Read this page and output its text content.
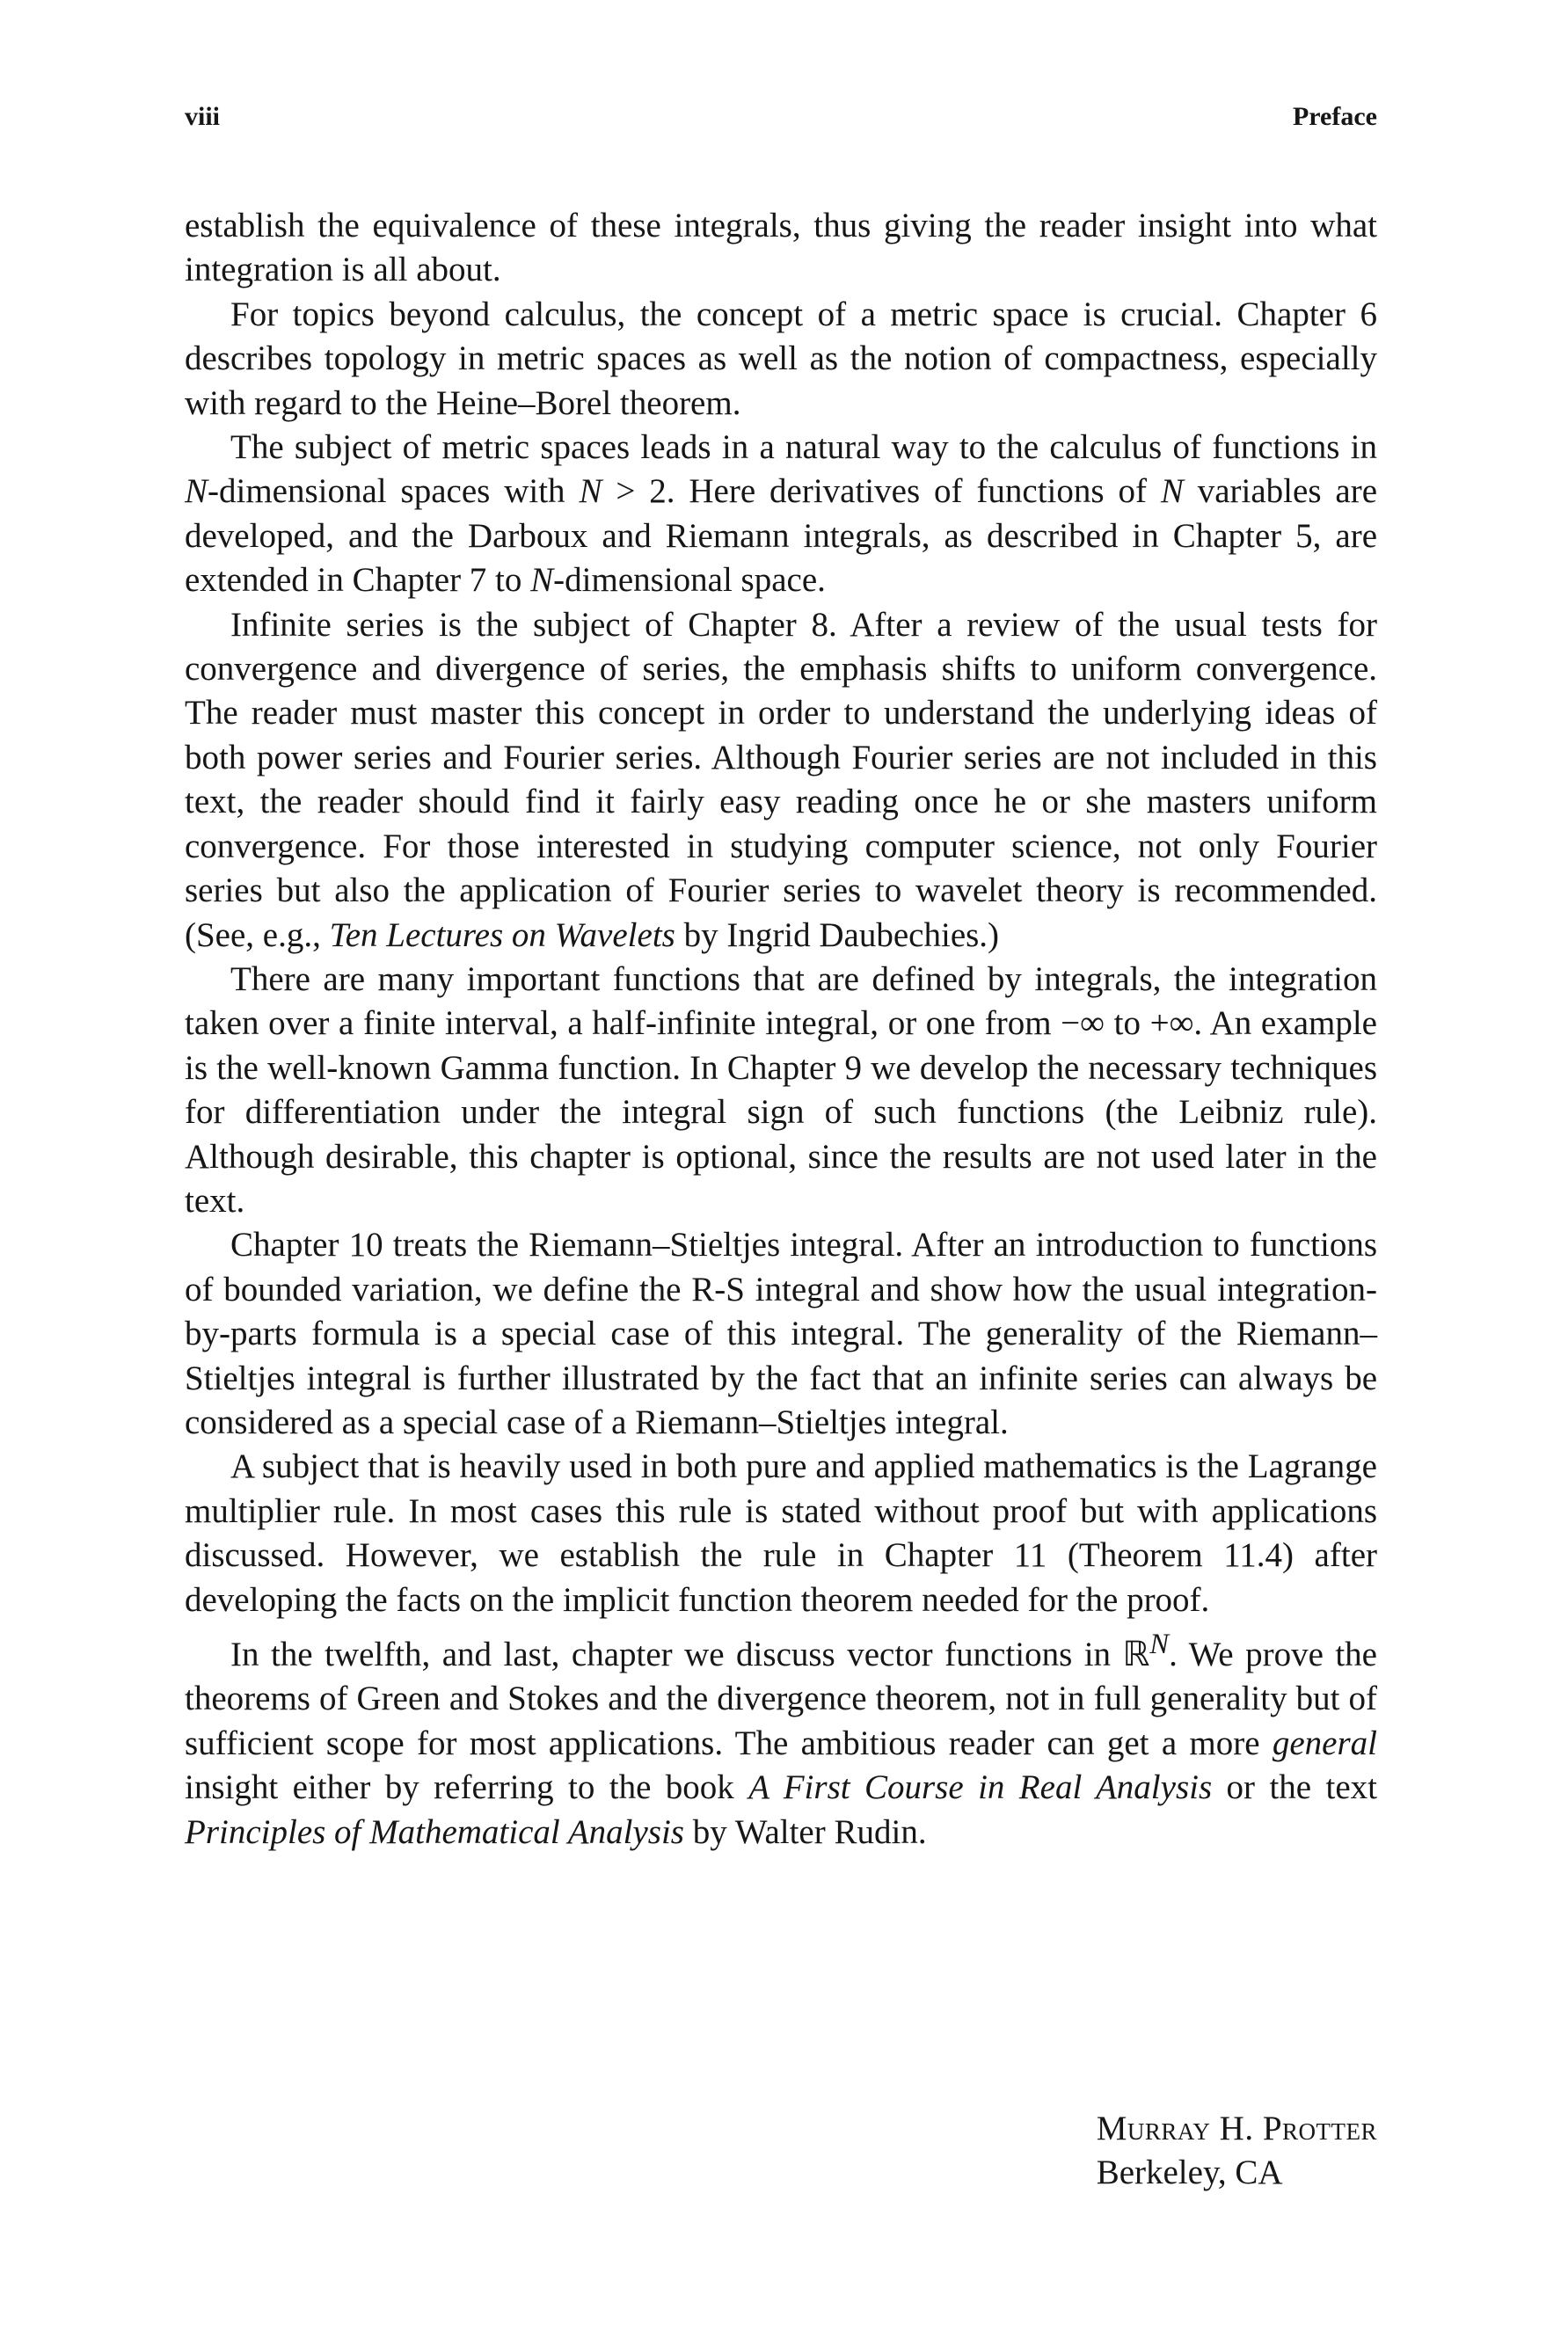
viii	Preface

establish the equivalence of these integrals, thus giving the reader insight into what integration is all about.

For topics beyond calculus, the concept of a metric space is crucial. Chapter 6 describes topology in metric spaces as well as the notion of compactness, especially with regard to the Heine–Borel theorem.

The subject of metric spaces leads in a natural way to the calculus of functions in N-dimensional spaces with N > 2. Here derivatives of functions of N variables are developed, and the Darboux and Riemann integrals, as described in Chapter 5, are extended in Chapter 7 to N-dimensional space.

Infinite series is the subject of Chapter 8. After a review of the usual tests for convergence and divergence of series, the emphasis shifts to uniform convergence. The reader must master this concept in order to understand the underlying ideas of both power series and Fourier series. Although Fourier series are not included in this text, the reader should find it fairly easy reading once he or she masters uniform convergence. For those interested in studying computer science, not only Fourier series but also the application of Fourier series to wavelet theory is recommended. (See, e.g., Ten Lectures on Wavelets by Ingrid Daubechies.)

There are many important functions that are defined by integrals, the integration taken over a finite interval, a half-infinite integral, or one from −∞ to +∞. An example is the well-known Gamma function. In Chapter 9 we develop the necessary techniques for differentiation under the integral sign of such functions (the Leibniz rule). Although desirable, this chapter is optional, since the results are not used later in the text.

Chapter 10 treats the Riemann–Stieltjes integral. After an introduction to functions of bounded variation, we define the R-S integral and show how the usual integration-by-parts formula is a special case of this integral. The generality of the Riemann–Stieltjes integral is further illustrated by the fact that an infinite series can always be considered as a special case of a Riemann–Stieltjes integral.

A subject that is heavily used in both pure and applied mathematics is the Lagrange multiplier rule. In most cases this rule is stated without proof but with applications discussed. However, we establish the rule in Chapter 11 (Theorem 11.4) after developing the facts on the implicit function theorem needed for the proof.

In the twelfth, and last, chapter we discuss vector functions in ℝ$^N$. We prove the theorems of Green and Stokes and the divergence theorem, not in full generality but of sufficient scope for most applications. The ambitious reader can get a more general insight either by referring to the book A First Course in Real Analysis or the text Principles of Mathematical Analysis by Walter Rudin.

Murray H. Protter
Berkeley, CA
